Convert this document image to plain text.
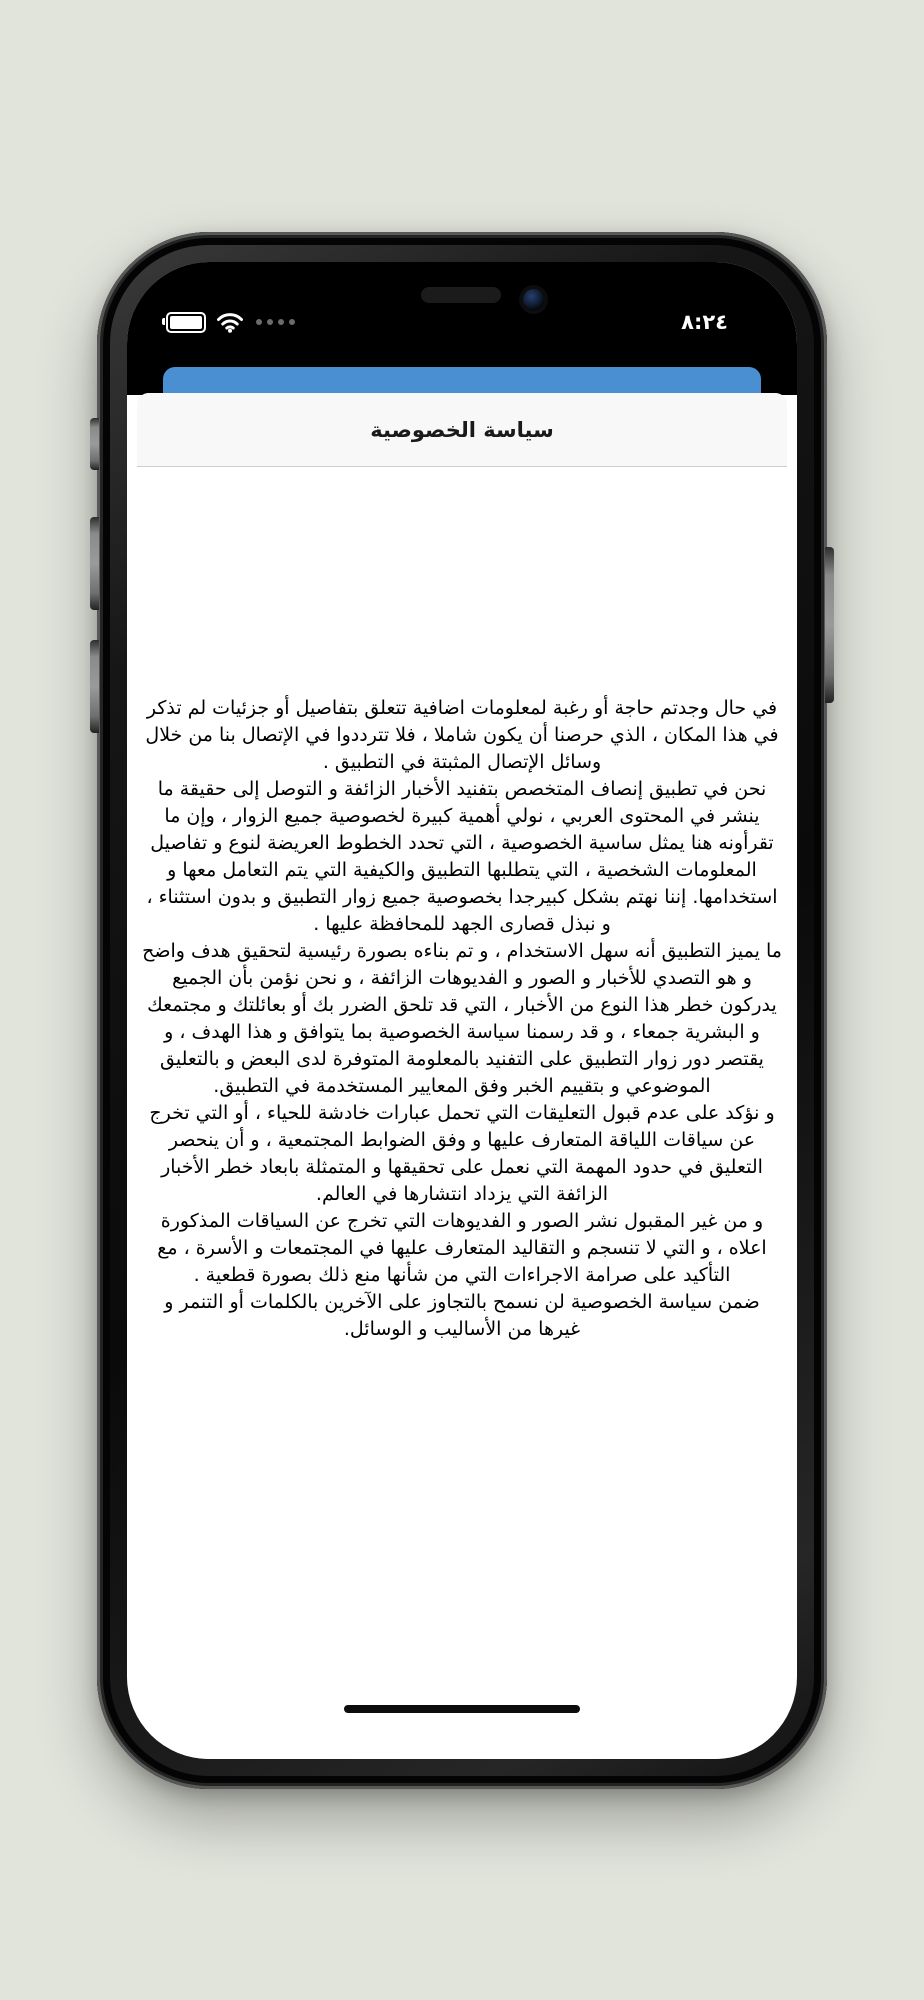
٨:٢٤
سياسة الخصوصية

في حال وجدتم حاجة أو رغبة لمعلومات اضافية تتعلق بتفاصيل أو جزئيات لم تذكر في هذا المكان ، الذي حرصنا أن يكون شاملا ، فلا تترددوا في الإتصال بنا من خلال وسائل الإتصال المثبتة في التطبيق .

نحن في تطبيق إنصاف المتخصص بتفنيد الأخبار الزائفة و التوصل إلى حقيقة ما ينشر في المحتوى العربي ، نولي أهمية كبيرة لخصوصية جميع الزوار ، وإن ما تقرأونه هنا يمثل ساسية الخصوصية ، التي تحدد الخطوط العريضة لنوع و تفاصيل المعلومات الشخصية ، التي يتطلبها التطبيق والكيفية التي يتم التعامل معها و استخدامها. إننا نهتم بشكل كبيرجدا بخصوصية جميع زوار التطبيق و بدون استثناء ، و نبذل قصارى الجهد للمحافظة عليها .

ما يميز التطبيق أنه سهل الاستخدام ، و تم بناءه بصورة رئيسية لتحقيق هدف واضح و هو التصدي للأخبار و الصور و الفديوهات الزائفة ، و نحن نؤمن بأن الجميع يدركون خطر هذا النوع من الأخبار ، التي قد تلحق الضرر بك أو بعائلتك و مجتمعك و البشرية جمعاء ، و قد رسمنا سياسة الخصوصية بما يتوافق و هذا الهدف ، و يقتصر دور زوار التطبيق على التفنيد بالمعلومة المتوفرة لدى البعض و بالتعليق الموضوعي و بتقييم الخبر وفق المعايير المستخدمة في التطبيق.

و نؤكد على عدم قبول التعليقات التي تحمل عبارات خادشة للحياء ، أو التي تخرج عن سياقات اللياقة المتعارف عليها و وفق الضوابط المجتمعية ، و أن ينحصر التعليق في حدود المهمة التي نعمل على تحقيقها و المتمثلة بابعاد خطر الأخبار الزائفة التي يزداد انتشارها في العالم.

و من غير المقبول نشر الصور و الفديوهات التي تخرج عن السياقات المذكورة اعلاه ، و التي لا تنسجم و التقاليد المتعارف عليها في المجتمعات و الأسرة ، مع التأكيد على صرامة الاجراءات التي من شأنها منع ذلك بصورة قطعية .

ضمن سياسة الخصوصية لن نسمح بالتجاوز على الآخرين بالكلمات أو التنمر و غيرها من الأساليب و الوسائل.
